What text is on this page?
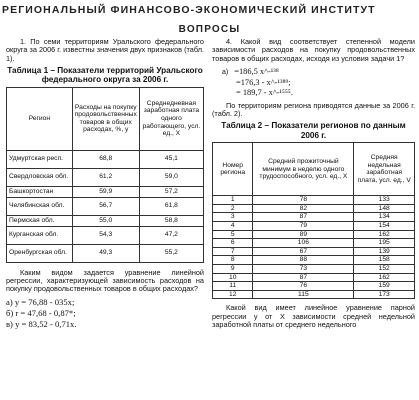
РЕГИОНАЛЬНЫЙ ФИНАНСОВО-ЭКОНОМИЧЕСКИЙ ИНСТИТУТ
ВОПРОСЫ

1. По семи территориям Уральского федерального округа за 2006 г. известны значения двух признаков (табл. 1).

Таблица 1 – Показатели территорий Уральского федерального округа за 2006 г.
Регион	Расходы на покупку продовольственных товаров в общих расходах, %, y	Среднедневная заработная плата одного работающего, усл. ед., X
Удмуртская респ.	68,8	45,1
Свердловская обл.	61,2	59,0
Башкортостан	59,9	57,2
Челябинская обл.	56,7	61,8
Пермская обл.	55,0	58,8
Курганская обл.	54,3	47,2
Оренбургская обл.	49,3	55,2

Каким видом задается уравнение линейной регрессии, характеризующей зависимость расходов на покупку продовольственных товаров в общих расходах?

а) y = 76,88 - 035x;

б) r = 47,68 - 0,87*;

в) y = 83,52 - 0,71x.

4. Какой вид соответствует степенной модели зависимости расходов на покупку продовольственных товаров в общих расходах, исходя из условия задачи 1?

а) =186,5 x^-¹³⁸

=176,3 - x^-¹³⁸⁹;

= 189,7 - x^-¹⁵⁵⁵.

По территориям региона приводятся данные за 2006 г. (табл. 2).

Таблица 2 – Показатели регионов по данным 2006 г.
Номер региона	Средний прожиточный минимум в неделю одного трудоспособного, усл. ед., X	Средняя недельная заработная плата, усл. ед., V
1	78	133
2	82	148
3	87	134
4	79	154
5	89	162
6	106	195
7	67	139
8	88	158
9	73	152
10	87	162
11	76	159
12	115	173

Какой вид имеет линейное уравнение парной регрессии y от X зависимости средней недельной заработной платы от среднего недельного
